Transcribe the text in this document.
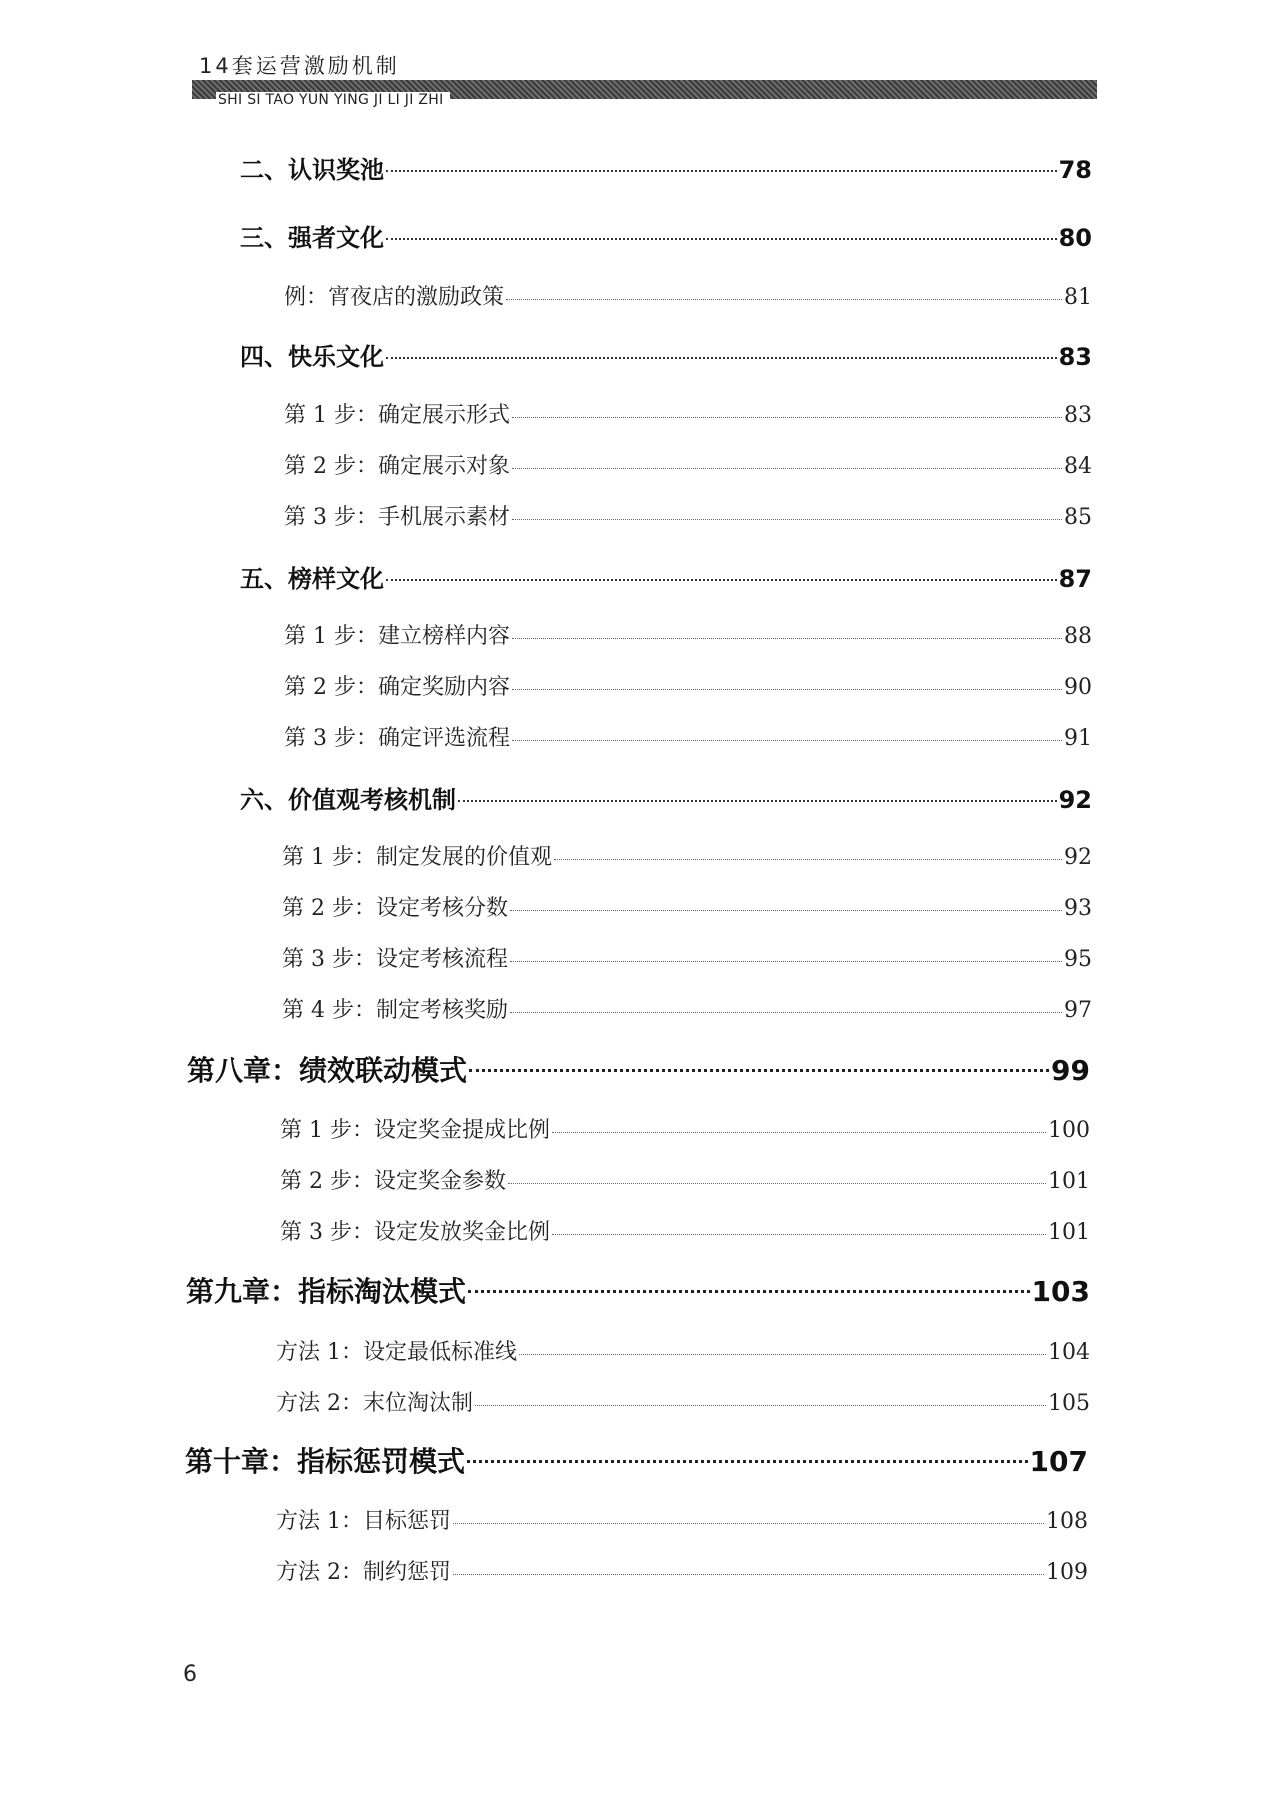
14套运营激励机制
SHI SI TAO YUN YING JI LI JI ZHI
二、认识奖池	78
三、强者文化	80
例：宵夜店的激励政策	81
四、快乐文化	83
第 1 步：确定展示形式	83
第 2 步：确定展示对象	84
第 3 步：手机展示素材	85
五、榜样文化	87
第 1 步：建立榜样内容	88
第 2 步：确定奖励内容	90
第 3 步：确定评选流程	91
六、价值观考核机制	92
第 1 步：制定发展的价值观	92
第 2 步：设定考核分数	93
第 3 步：设定考核流程	95
第 4 步：制定考核奖励	97
第八章：绩效联动模式	99
第 1 步：设定奖金提成比例	100
第 2 步：设定奖金参数	101
第 3 步：设定发放奖金比例	101
第九章：指标淘汰模式	103
方法 1：设定最低标准线	104
方法 2：末位淘汰制	105
第十章：指标惩罚模式	107
方法 1：目标惩罚	108
方法 2：制约惩罚	109
6
